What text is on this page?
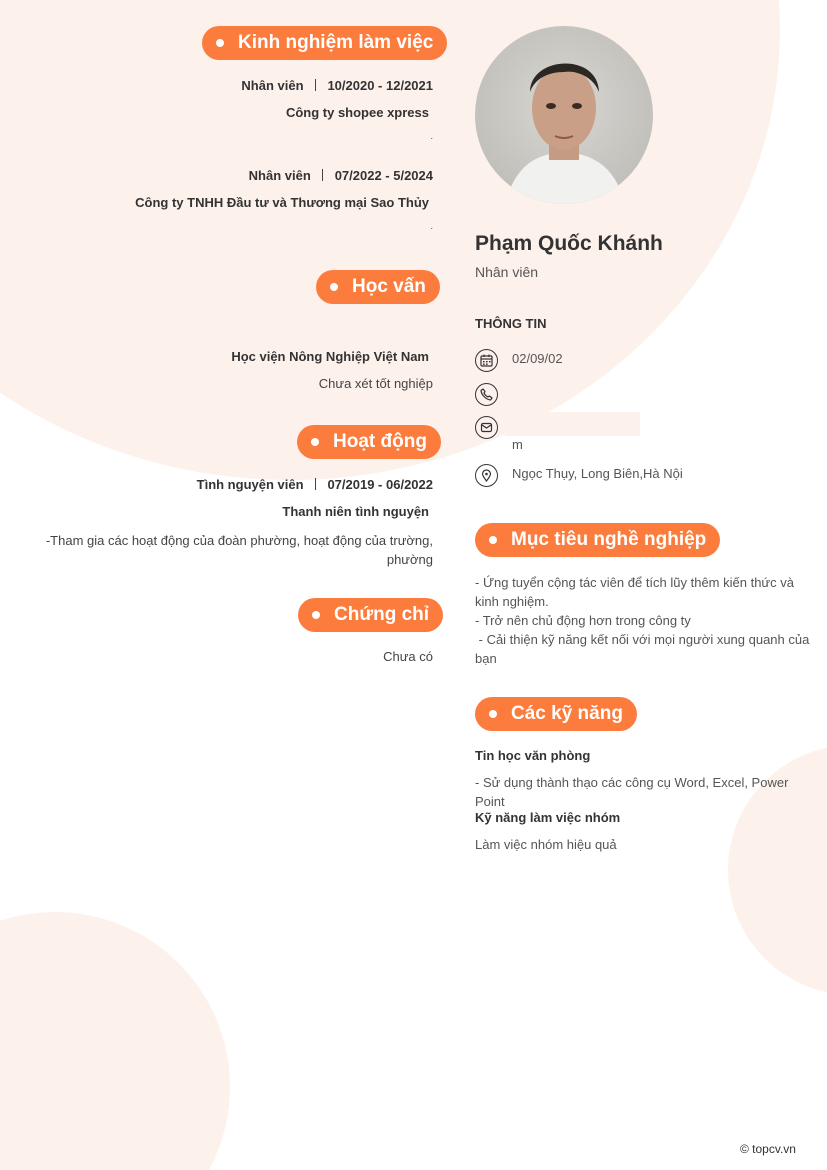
Kinh nghiệm làm việc
Nhân viên 10/2020 - 12/2021
Công ty shopee xpress
.
Nhân viên 07/2022 - 5/2024
Công ty TNHH Đầu tư và Thương mại Sao Thủy
.
Học vấn
Học viện Nông Nghiệp Việt Nam
Chưa xét tốt nghiệp
Hoạt động
Tình nguyện viên 07/2019 - 06/2022
Thanh niên tình nguyện
-Tham gia các hoạt động của đoàn phường, hoạt động của trường, phường
Chứng chỉ
Chưa có
Phạm Quốc Khánh
Nhân viên
THÔNG TIN
02/09/02
m
Ngọc Thụy, Long Biên,Hà Nội
Mục tiêu nghề nghiệp
- Ứng tuyển cộng tác viên để tích lũy thêm kiến thức và kinh nghiệm.
- Trở nên chủ động hơn trong công ty
- Cải thiện kỹ năng kết nối với mọi người xung quanh của bạn
Các kỹ năng
Tin học văn phòng
- Sử dụng thành thạo các công cụ Word, Excel, Power Point
Kỹ năng làm việc nhóm
Làm việc nhóm hiệu quả
© topcv.vn
